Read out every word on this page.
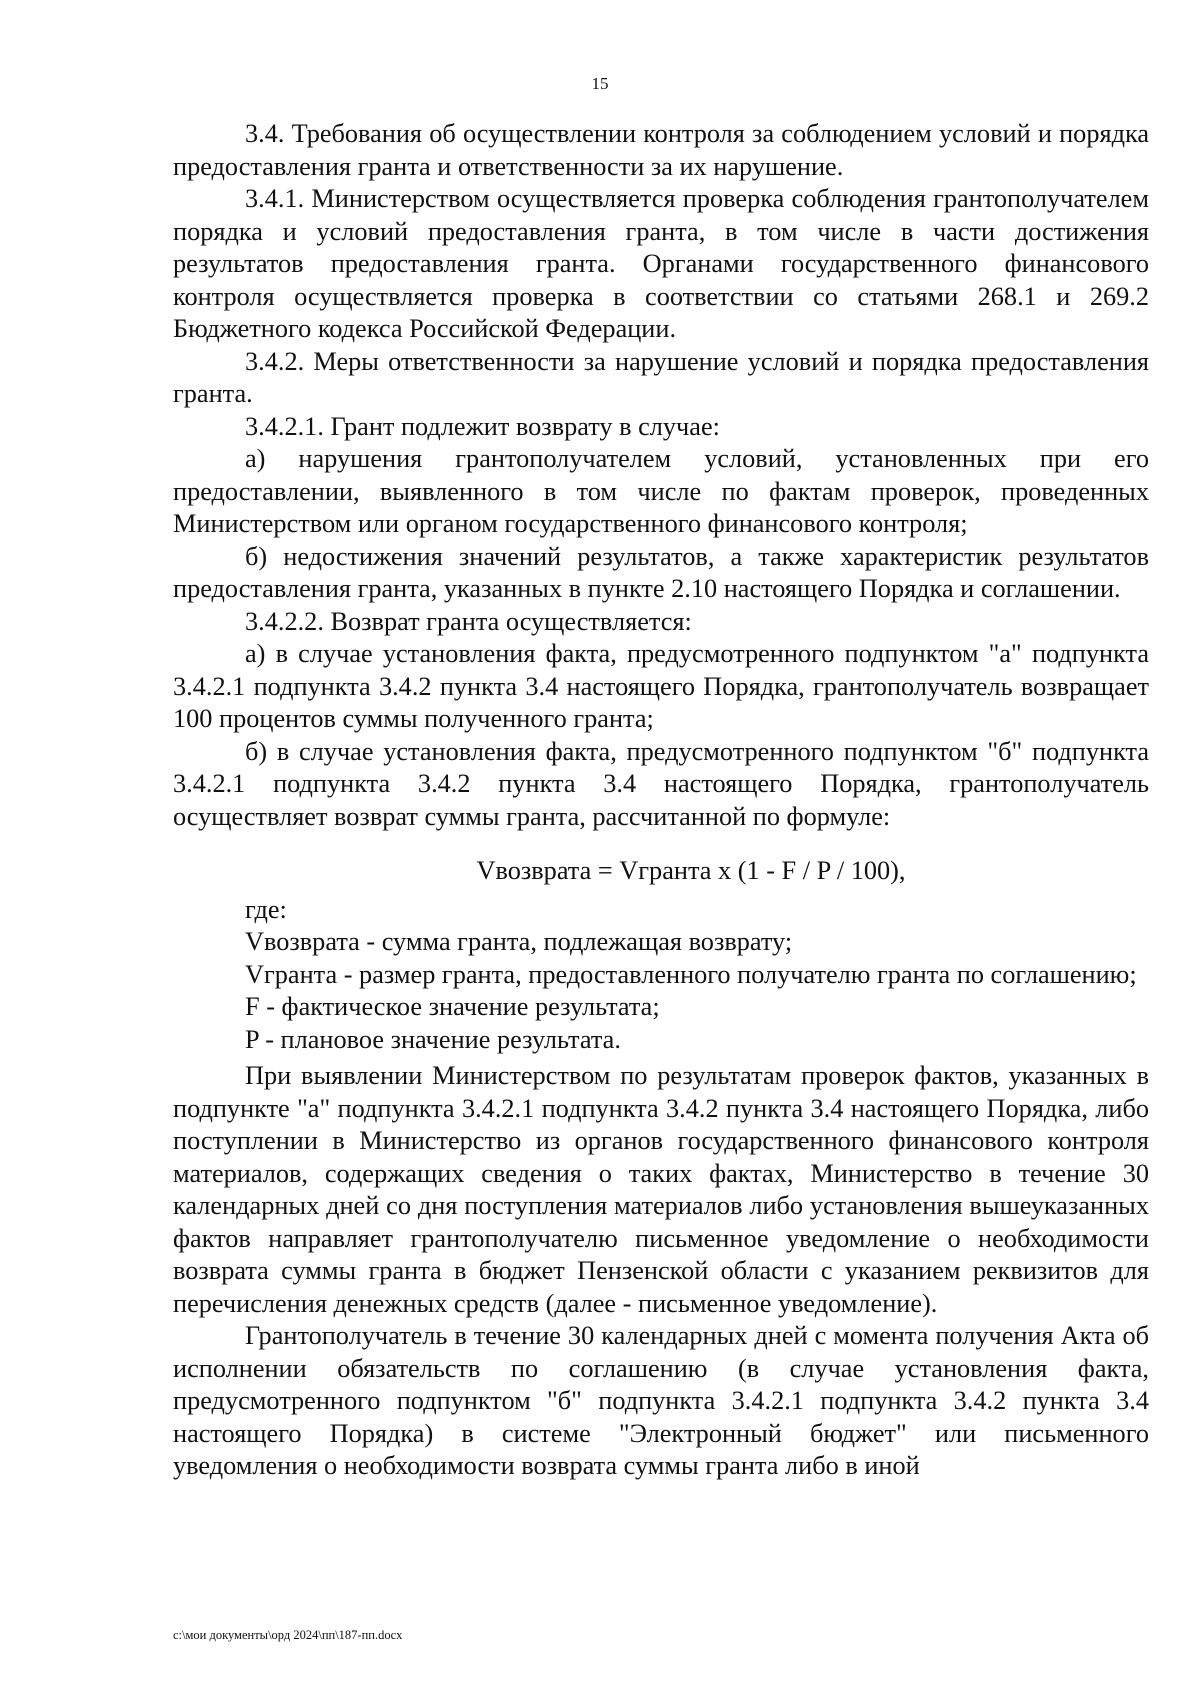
15

3.4. Требования об осуществлении контроля за соблюдением условий и порядка предоставления гранта и ответственности за их нарушение.

3.4.1. Министерством осуществляется проверка соблюдения грантополучателем порядка и условий предоставления гранта, в том числе в части достижения результатов предоставления гранта. Органами государственного финансового контроля осуществляется проверка в соответствии со статьями 268.1 и 269.2 Бюджетного кодекса Российской Федерации.

3.4.2. Меры ответственности за нарушение условий и порядка предоставления гранта.

3.4.2.1. Грант подлежит возврату в случае:

а) нарушения грантополучателем условий, установленных при его предоставлении, выявленного в том числе по фактам проверок, проведенных Министерством или органом государственного финансового контроля;

б) недостижения значений результатов, а также характеристик результатов предоставления гранта, указанных в пункте 2.10 настоящего Порядка и соглашении.

3.4.2.2. Возврат гранта осуществляется:

а) в случае установления факта, предусмотренного подпунктом "а" подпункта 3.4.2.1 подпункта 3.4.2 пункта 3.4 настоящего Порядка, грантополучатель возвращает 100 процентов суммы полученного гранта;

б) в случае установления факта, предусмотренного подпунктом "б" подпункта 3.4.2.1 подпункта 3.4.2 пункта 3.4 настоящего Порядка, грантополучатель осуществляет возврат суммы гранта, рассчитанной по формуле:

Vвозврата = Vгранта x (1 - F / P / 100),

где:

Vвозврата - сумма гранта, подлежащая возврату;

Vгранта - размер гранта, предоставленного получателю гранта по соглашению;

F - фактическое значение результата;

P - плановое значение результата.

При выявлении Министерством по результатам проверок фактов, указанных в подпункте "а" подпункта 3.4.2.1 подпункта 3.4.2 пункта 3.4 настоящего Порядка, либо поступлении в Министерство из органов государственного финансового контроля материалов, содержащих сведения о таких фактах, Министерство в течение 30 календарных дней со дня поступления материалов либо установления вышеуказанных фактов направляет грантополучателю письменное уведомление о необходимости возврата суммы гранта в бюджет Пензенской области с указанием реквизитов для перечисления денежных средств (далее - письменное уведомление).

Грантополучатель в течение 30 календарных дней с момента получения Акта об исполнении обязательств по соглашению (в случае установления факта, предусмотренного подпунктом "б" подпункта 3.4.2.1 подпункта 3.4.2 пункта 3.4 настоящего Порядка) в системе "Электронный бюджет" или письменного уведомления о необходимости возврата суммы гранта либо в иной

c:\мои документы\орд 2024\пп\187-пп.docx
